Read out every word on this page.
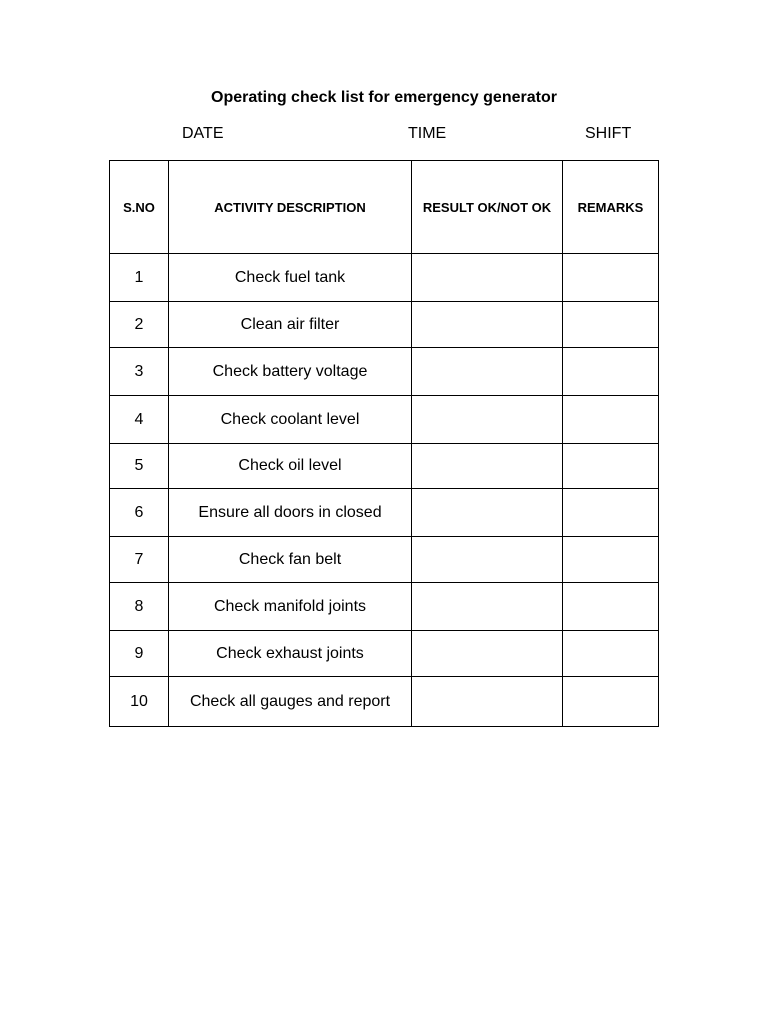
Operating check list for emergency generator
DATE	TIME	SHIFT
S.NO	ACTIVITY DESCRIPTION	RESULT OK/NOT OK	REMARKS
1	Check fuel tank		
2	Clean air filter		
3	Check battery voltage		
4	Check coolant level		
5	Check oil level		
6	Ensure all doors in closed		
7	Check fan belt		
8	Check manifold joints		
9	Check exhaust joints		
10	Check all gauges and report		
